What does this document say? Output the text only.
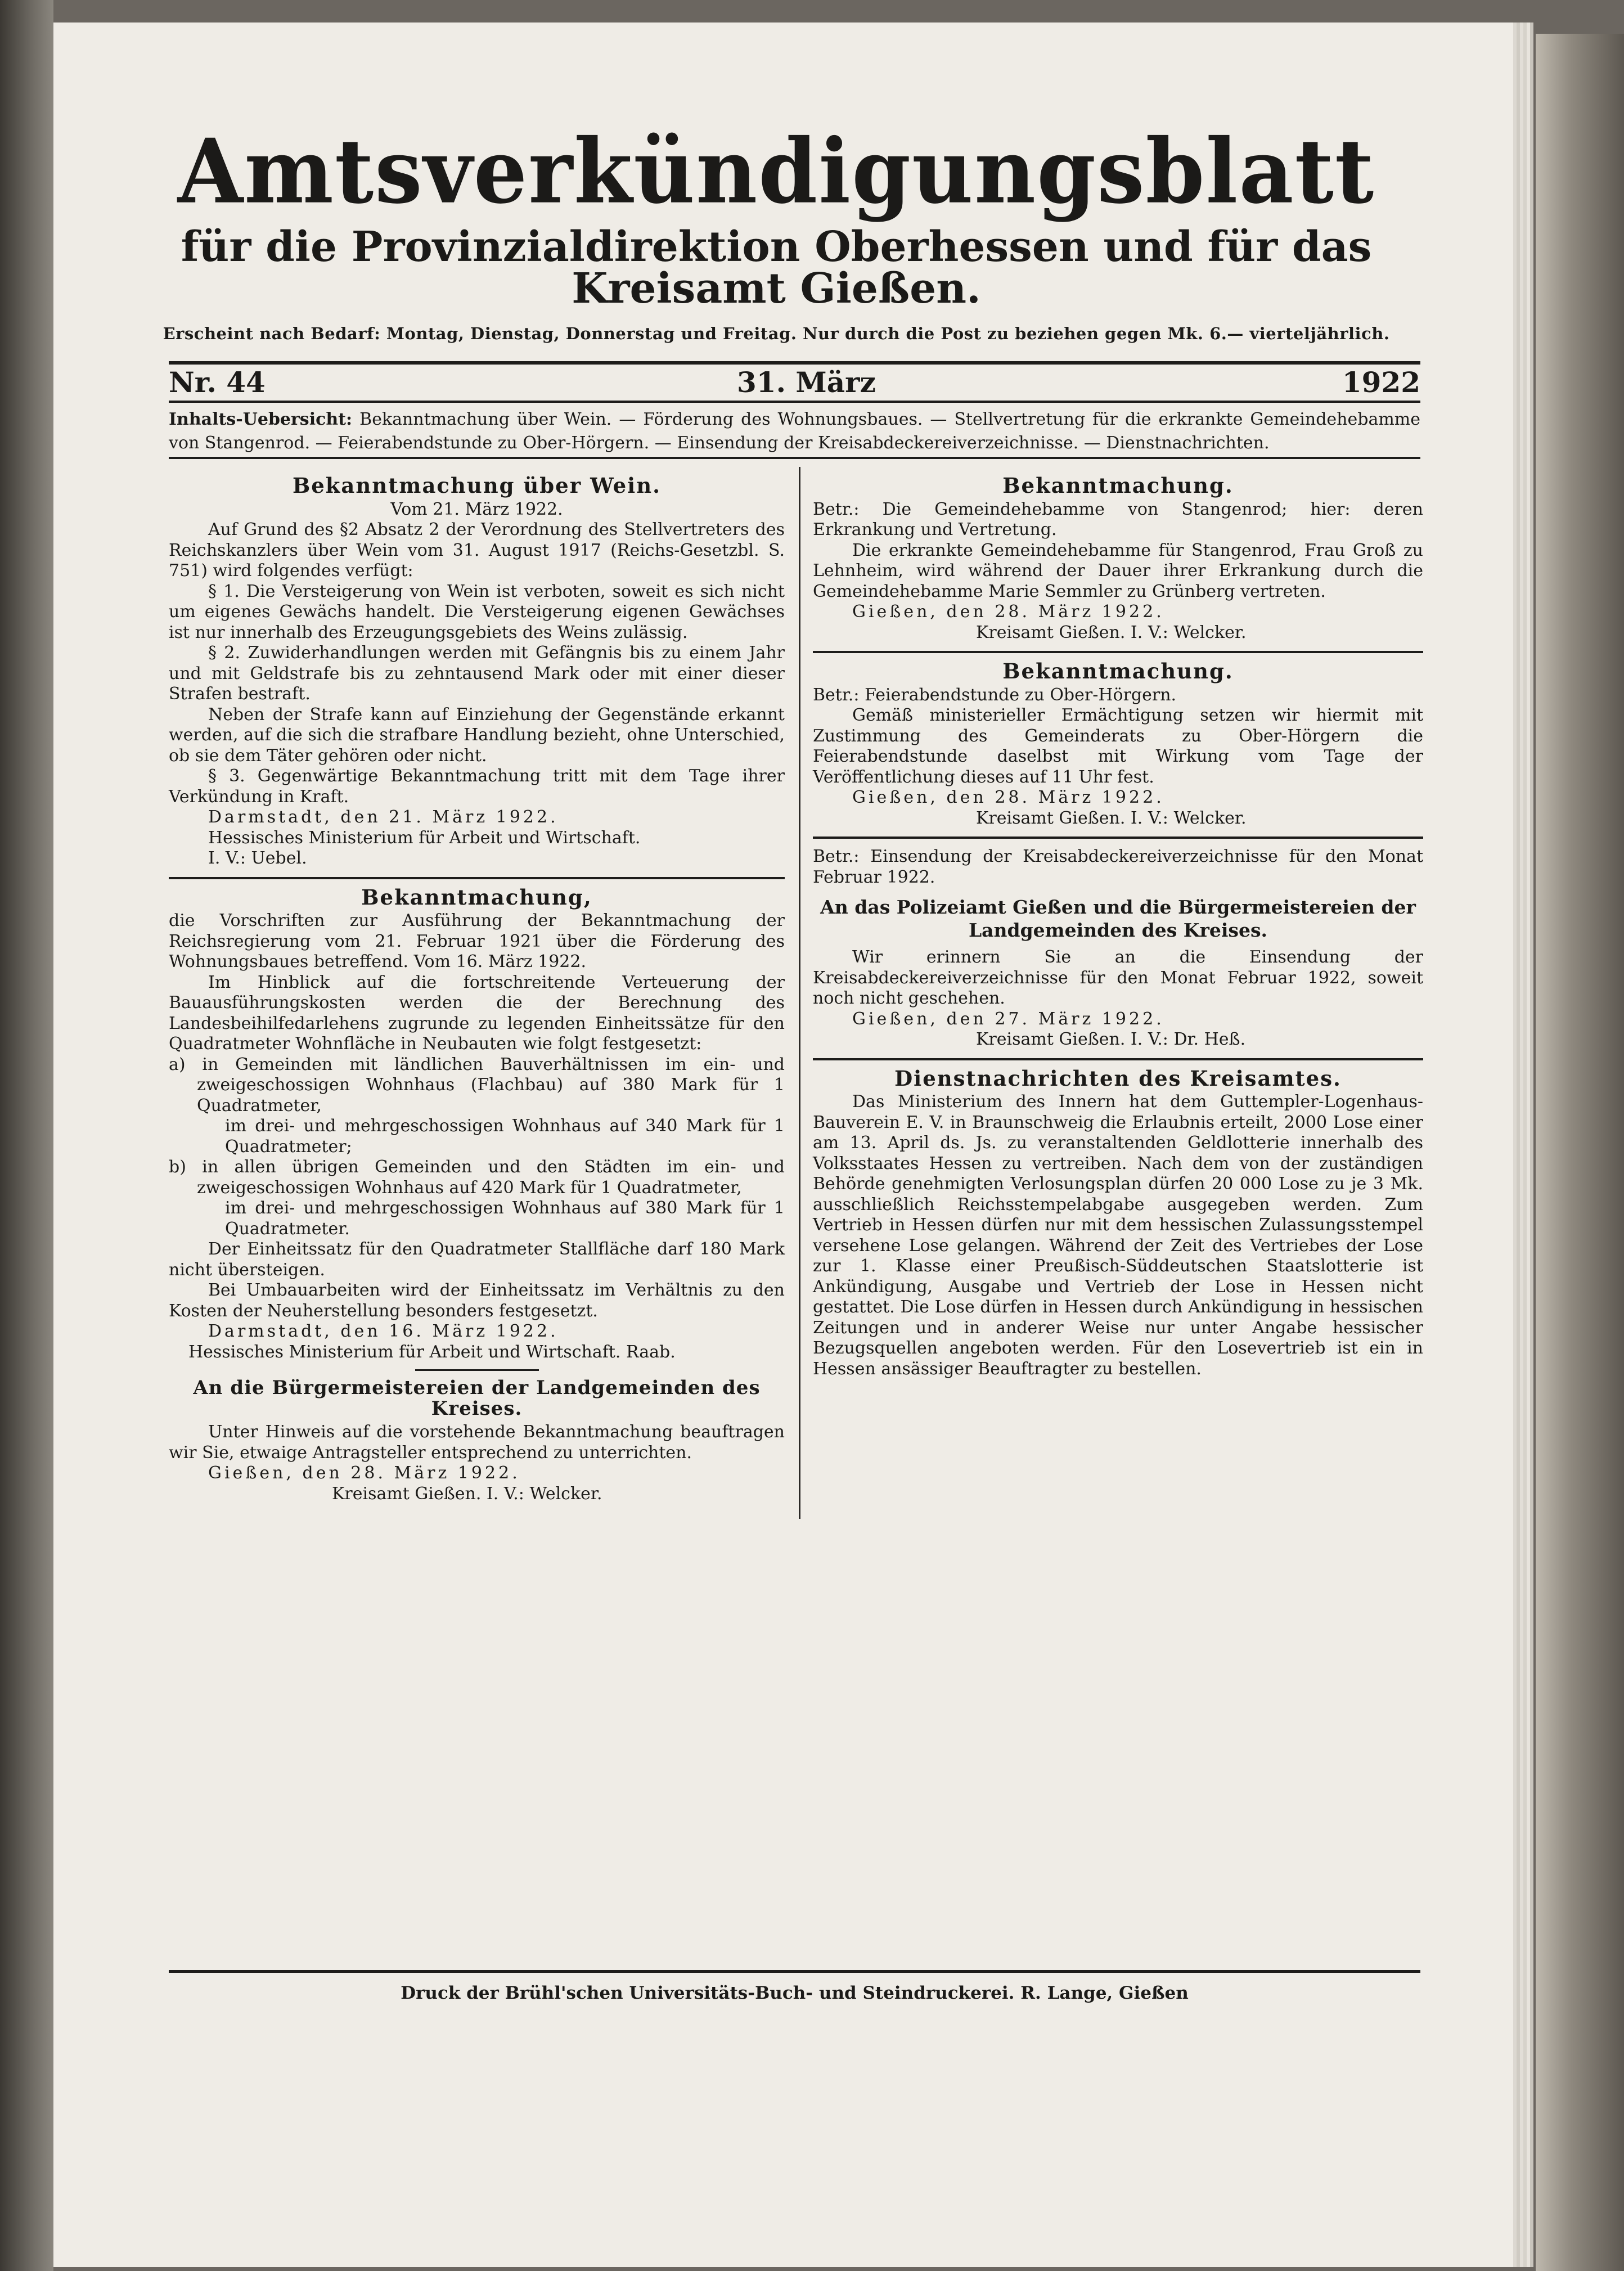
Amtsverkündigungsblatt
für die Provinzialdirektion Oberhessen und für das Kreisamt Gießen.
Erscheint nach Bedarf: Montag, Dienstag, Donnerstag und Freitag. Nur durch die Post zu beziehen gegen Mk. 6.— vierteljährlich.
Nr. 44	31. März	1922
Inhalts-Uebersicht: Bekanntmachung über Wein. — Förderung des Wohnungsbaues. — Stellvertretung für die erkrankte Gemeindehebamme von Stangenrod. — Feierabendstunde zu Ober-Hörgern. — Einsendung der Kreisabdeckereiverzeichnisse. — Dienstnachrichten.
Bekanntmachung über Wein.
Vom 21. März 1922.

Auf Grund des §2 Absatz 2 der Verordnung des Stellvertreters des Reichskanzlers über Wein vom 31. August 1917 (Reichs-Gesetzbl. S. 751) wird folgendes verfügt:

§ 1. Die Versteigerung von Wein ist verboten, soweit es sich nicht um eigenes Gewächs handelt. Die Versteigerung eigenen Gewächses ist nur innerhalb des Erzeugungsgebiets des Weins zulässig.

§ 2. Zuwiderhandlungen werden mit Gefängnis bis zu einem Jahr und mit Geldstrafe bis zu zehntausend Mark oder mit einer dieser Strafen bestraft.

Neben der Strafe kann auf Einziehung der Gegenstände erkannt werden, auf die sich die strafbare Handlung bezieht, ohne Unterschied, ob sie dem Täter gehören oder nicht.

§ 3. Gegenwärtige Bekanntmachung tritt mit dem Tage ihrer Verkündung in Kraft.

Darmstadt, den 21. März 1922.

Hessisches Ministerium für Arbeit und Wirtschaft.

I. V.: Uebel.

Bekanntmachung,

die Vorschriften zur Ausführung der Bekanntmachung der Reichsregierung vom 21. Februar 1921 über die Förderung des Wohnungsbaues betreffend. Vom 16. März 1922.

Im Hinblick auf die fortschreitende Verteuerung der Bauausführungskosten werden die der Berechnung des Landesbeihilfedarlehens zugrunde zu legenden Einheitssätze für den Quadratmeter Wohnfläche in Neubauten wie folgt festgesetzt:

a) in Gemeinden mit ländlichen Bauverhältnissen im ein- und zweigeschossigen Wohnhaus (Flachbau) auf 380 Mark für 1 Quadratmeter,
im drei- und mehrgeschossigen Wohnhaus auf 340 Mark für 1 Quadratmeter;
b) in allen übrigen Gemeinden und den Städten im ein- und zweigeschossigen Wohnhaus auf 420 Mark für 1 Quadratmeter,
im drei- und mehrgeschossigen Wohnhaus auf 380 Mark für 1 Quadratmeter.

Der Einheitssatz für den Quadratmeter Stallfläche darf 180 Mark nicht übersteigen.

Bei Umbauarbeiten wird der Einheitssatz im Verhältnis zu den Kosten der Neuherstellung besonders festgesetzt.

Darmstadt, den 16. März 1922.

Hessisches Ministerium für Arbeit und Wirtschaft. Raab.

An die Bürgermeistereien der Landgemeinden des Kreises.

Unter Hinweis auf die vorstehende Bekanntmachung beauftragen wir Sie, etwaige Antragsteller entsprechend zu unterrichten.

Gießen, den 28. März 1922.

Kreisamt Gießen. I. V.: Welcker.

Bekanntmachung.

Betr.: Die Gemeindehebamme von Stangenrod; hier: deren Erkrankung und Vertretung.

Die erkrankte Gemeindehebamme für Stangenrod, Frau Groß zu Lehnheim, wird während der Dauer ihrer Erkrankung durch die Gemeindehebamme Marie Semmler zu Grünberg vertreten.

Gießen, den 28. März 1922.

Kreisamt Gießen. I. V.: Welcker.

Bekanntmachung.

Betr.: Feierabendstunde zu Ober-Hörgern.

Gemäß ministerieller Ermächtigung setzen wir hiermit mit Zustimmung des Gemeinderats zu Ober-Hörgern die Feierabendstunde daselbst mit Wirkung vom Tage der Veröffentlichung dieses auf 11 Uhr fest.

Gießen, den 28. März 1922.

Kreisamt Gießen. I. V.: Welcker.

Betr.: Einsendung der Kreisabdeckereiverzeichnisse für den Monat Februar 1922.

An das Polizeiamt Gießen und die Bürgermeistereien der Landgemeinden des Kreises.

Wir erinnern Sie an die Einsendung der Kreisabdeckereiverzeichnisse für den Monat Februar 1922, soweit noch nicht geschehen.

Gießen, den 27. März 1922.

Kreisamt Gießen. I. V.: Dr. Heß.

Dienstnachrichten des Kreisamtes.

Das Ministerium des Innern hat dem Guttempler-Logenhaus-Bauverein E. V. in Braunschweig die Erlaubnis erteilt, 2000 Lose einer am 13. April ds. Js. zu veranstaltenden Geldlotterie innerhalb des Volksstaates Hessen zu vertreiben. Nach dem von der zuständigen Behörde genehmigten Verlosungsplan dürfen 20 000 Lose zu je 3 Mk. ausschließlich Reichsstempelabgabe ausgegeben werden. Zum Vertrieb in Hessen dürfen nur mit dem hessischen Zulassungsstempel versehene Lose gelangen. Während der Zeit des Vertriebes der Lose zur 1. Klasse einer Preußisch-Süddeutschen Staatslotterie ist Ankündigung, Ausgabe und Vertrieb der Lose in Hessen nicht gestattet. Die Lose dürfen in Hessen durch Ankündigung in hessischen Zeitungen und in anderer Weise nur unter Angabe hessischer Bezugsquellen angeboten werden. Für den Losevertrieb ist ein in Hessen ansässiger Beauftragter zu bestellen.

Druck der Brühl'schen Universitäts-Buch- und Steindruckerei. R. Lange, Gießen
